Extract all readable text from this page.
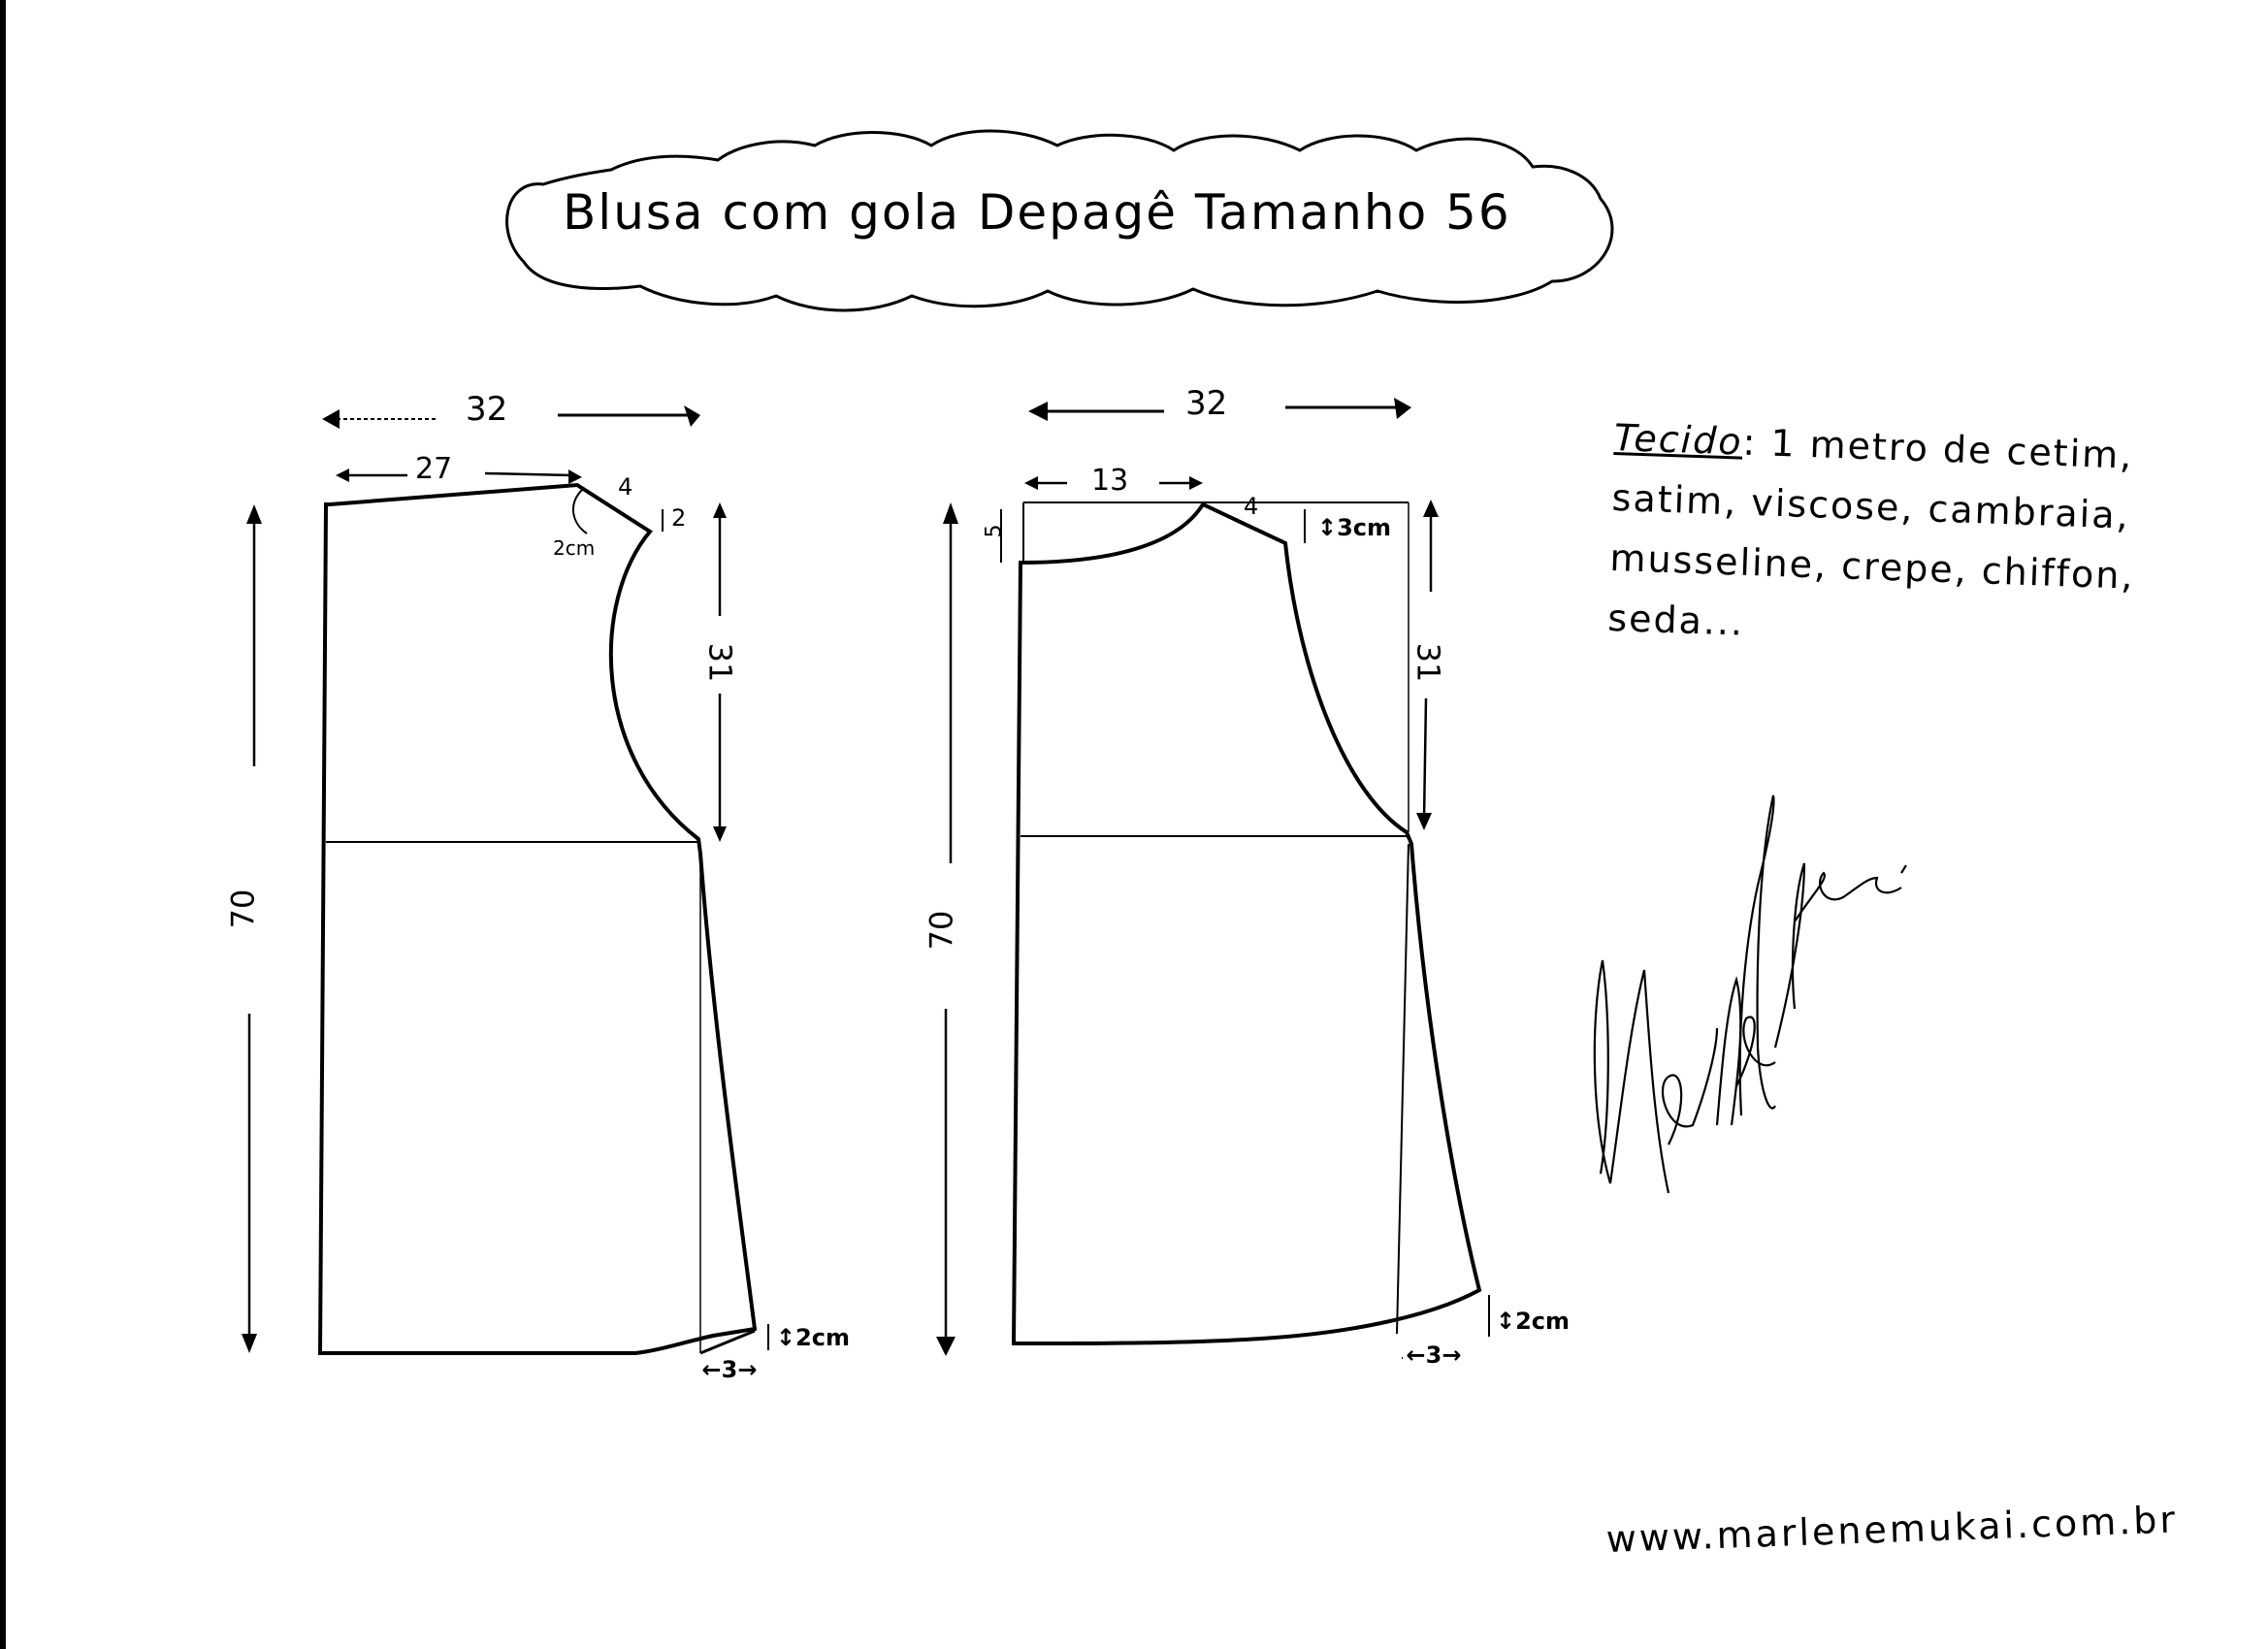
Blusa com gola Depagê Tamanho 56
32
27
4
2cm
2
31
70
↕2cm
←3→
32
13
4
5	↕3cm
31
70
↕2cm
←3→
Tecido: 1 metro de cetim,
satim, viscose, cambraia,
musseline, crepe, chiffon,
seda...
www.marlenemukai.com.br
